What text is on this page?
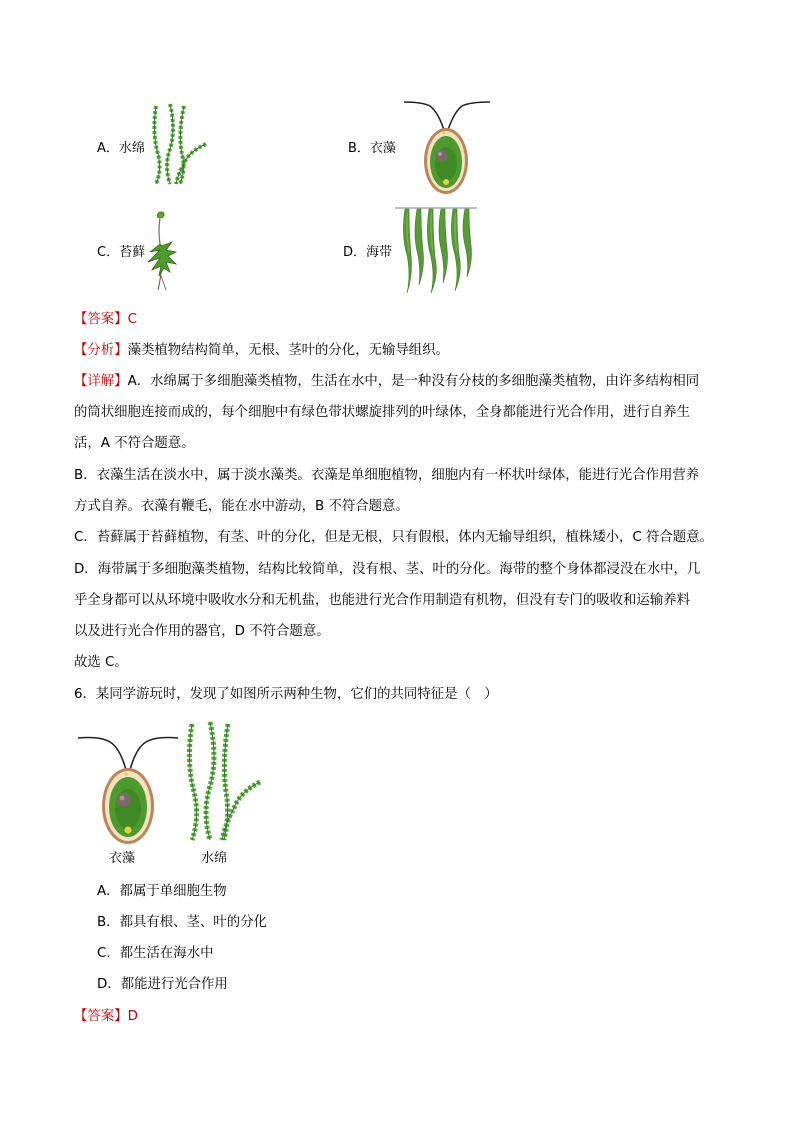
A．水绵	B．衣藻
C．苔藓	D．海带
【答案】C
【分析】藻类植物结构简单，无根、茎叶的分化，无输导组织。
【详解】A．水绵属于多细胞藻类植物，生活在水中，是一种没有分枝的多细胞藻类植物，由许多结构相同
的筒状细胞连接而成的，每个细胞中有绿色带状螺旋排列的叶绿体，全身都能进行光合作用，进行自养生
活，A 不符合题意。
B．衣藻生活在淡水中，属于淡水藻类。衣藻是单细胞植物，细胞内有一杯状叶绿体，能进行光合作用营养
方式自养。衣藻有鞭毛，能在水中游动，B 不符合题意。
C．苔藓属于苔藓植物，有茎、叶的分化，但是无根，只有假根，体内无输导组织，植株矮小，C 符合题意。
D．海带属于多细胞藻类植物，结构比较简单，没有根、茎、叶的分化。海带的整个身体都浸没在水中，几
乎全身都可以从环境中吸收水分和无机盐，也能进行光合作用制造有机物，但没有专门的吸收和运输养料
以及进行光合作用的器官，D 不符合题意。
故选 C。
6．某同学游玩时，发现了如图所示两种生物，它们的共同特征是（　）
衣藻	水绵
A．都属于单细胞生物
B．都具有根、茎、叶的分化
C．都生活在海水中
D．都能进行光合作用
【答案】D
